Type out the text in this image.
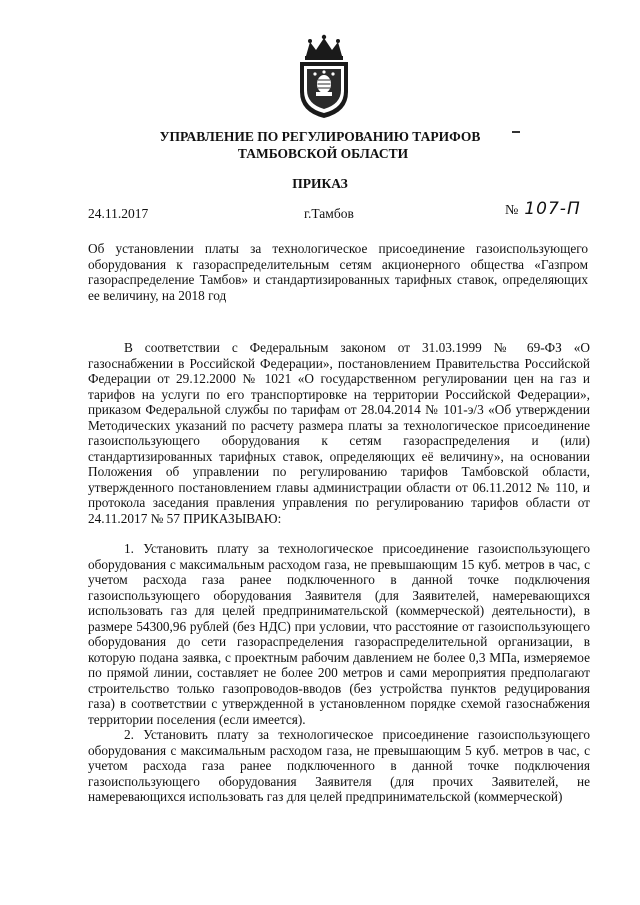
УПРАВЛЕНИЕ ПО РЕГУЛИРОВАНИЮ ТАРИФОВ

ТАМБОВСКОЙ ОБЛАСТИ
ПРИКАЗ
24.11.2017	г.Тамбов	№ 107-П
Об установлении платы за технологическое присоединение газоиспользующего оборудования к газораспределительным сетям акционерного общества «Газпром газораспределение Тамбов» и стандартизированных тарифных ставок, определяющих ее величину, на 2018 год

В соответствии с Федеральным законом от 31.03.1999 № 69-ФЗ «О газоснабжении в Российской Федерации», постановлением Правительства Российской Федерации от 29.12.2000 № 1021 «О государственном регулировании цен на газ и тарифов на услуги по его транспортировке на территории Российской Федерации», приказом Федеральной службы по тарифам от 28.04.2014 № 101-э/3 «Об утверждении Методических указаний по расчету размера платы за технологическое присоединение газоиспользующего оборудования к сетям газораспределения и (или) стандартизированных тарифных ставок, определяющих её величину», на основании Положения об управлении по регулированию тарифов Тамбовской области, утвержденного постановлением главы администрации области от 06.11.2012 № 110, и протокола заседания правления управления по регулированию тарифов области от 24.11.2017 № 57 ПРИКАЗЫВАЮ:

1. Установить плату за технологическое присоединение газоиспользующего оборудования с максимальным расходом газа, не превышающим 15 куб. метров в час, с учетом расхода газа ранее подключенного в данной точке подключения газоиспользующего оборудования Заявителя (для Заявителей, намеревающихся использовать газ для целей предпринимательской (коммерческой) деятельности), в размере 54300,96 рублей (без НДС) при условии, что расстояние от газоиспользующего оборудования до сети газораспределения газораспределительной организации, в которую подана заявка, с проектным рабочим давлением не более 0,3 МПа, измеряемое по прямой линии, составляет не более 200 метров и сами мероприятия предполагают строительство только газопроводов-вводов (без устройства пунктов редуцирования газа) в соответствии с утвержденной в установленном порядке схемой газоснабжения территории поселения (если имеется).

2. Установить плату за технологическое присоединение газоиспользующего оборудования с максимальным расходом газа, не превышающим 5 куб. метров в час, с учетом расхода газа ранее подключенного в данной точке подключения газоиспользующего оборудования Заявителя (для прочих Заявителей, не намеревающихся использовать газ для целей предпринимательской (коммерческой)
